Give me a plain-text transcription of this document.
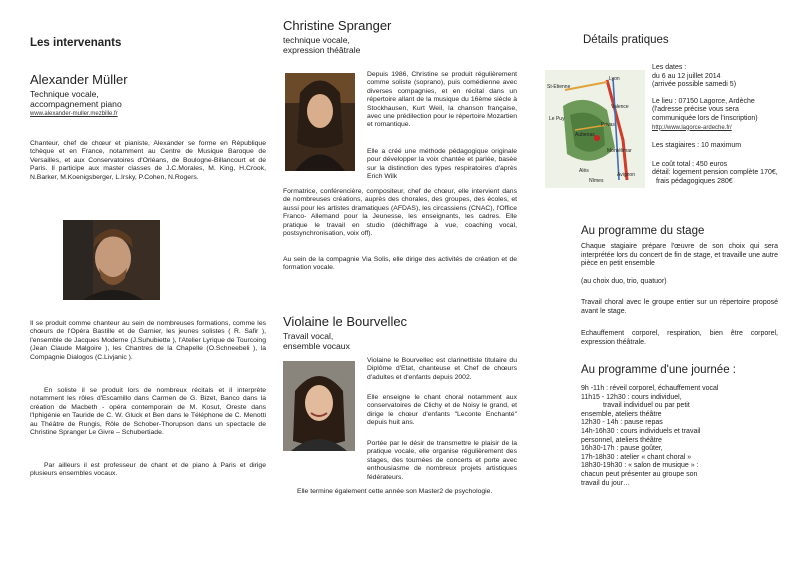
Les intervenants
Alexander Müller
Technique vocale,
accompagnement piano
www.alexander-muller.mezbille.fr
Chanteur, chef de chœur et pianiste, Alexander se forme en République tchèque et en France, notamment au Centre de Musique Baroque de Versailles, et aux Conservatoires d'Orléans, de Boulogne-Billancourt et de Paris. Il participe aux master classes de J.C.Morales, M. King, H.Crook, N.Barker, M.Koenigsberger, L.Irsky, P.Cohen, N.Rogers.
Il se produit comme chanteur au sein de nombreuses formations, comme les chœurs de l'Opéra Bastille et de Garnier, les jeunes solistes ( R. Safir ), l'ensemble de Jacques Moderne (J.Suhubiette ), l'Atelier Lyrique de Tourcoing (Jean Claude Malgoire ), les Chantres de la Chapelle (O.Schneebeli ), la Compagnie Dialogos (C.Livjanic ).
En soliste il se produit lors de nombreux récitals et il interprète notamment les rôles d'Escamillo dans Carmen de G. Bizet, Banco dans la création de Macbeth - opéra contemporain de M. Kosut, Oreste dans l'Iphigénie en Tauride de C. W. Gluck et Ben dans le Téléphone de C. Menotti au Théâtre de Rungis, Rôle de Schober-Thorupson dans un spectacle de Christine Spranger Le Givre – Schubertiade.
Par ailleurs il est professeur de chant et de piano à Paris et dirige plusieurs ensembles vocaux.
Christine Spranger
technique vocale,
expression théâtrale
Depuis 1986, Christine se produit régulièrement comme soliste (soprano), puis comédienne avec diverses compagnies, et en récital dans un répertoire allant de la musique du 16ème siècle à Stockhausen, Kurt Weil, la chanson française, avec une prédilection pour le répertoire Mozartien et romantique.
Elle a créé une méthode pédagogique originale pour développer la voix chantée et parlée, basée sur la distinction des types respiratoires d'après Erich Wilk
Formatrice, conférencière, compositeur, chef de chœur, elle intervient dans de nombreuses créations, auprès des chorales, des groupes, des écoles, et aussi pour les artistes dramatiques (AFDAS), les circassiens (CNAC), l'Office Franco- Allemand pour la Jeunesse, les enseignants, les cadres. Elle pratique le travail en studio (déchiffrage à vue, coaching vocal, postsynchronisation, voix off).
Au sein de la compagnie Via Solis, elle dirige des activités de création et de formation vocale.
Violaine le Bourvellec
Travail vocal,
ensemble vocaux
Violaine le Bourvellec est clarinettiste titulaire du Diplôme d'Etat, chanteuse et Chef de chœurs d'adultes et d'enfants depuis 2002.
Elle enseigne le chant choral notamment aux conservatoires de Clichy et de Noisy le grand, et dirige le chœur d'enfants "Leconte Enchanté" depuis huit ans.
Portée par le désir de transmettre le plaisir de la pratique vocale, elle organise régulièrement des stages, des tournées de concerts et porte avec enthousiasme de nombreux projets artistiques fédérateurs.
Elle termine également cette année son Master2 de psychologie.
Détails pratiques
Lyon
St-Etienne
Le Puy
Aubenas
Privas
Valence
Montélimar
Alès
Nîmes
Avignon
Les dates :
du 6 au 12 juillet 2014
(arrivée possible samedi 5)
Le lieu : 07150 Lagorce, Ardèche
(l'adresse précise vous sera communiquée lors de l'inscription)
http://www.lagorce-ardeche.fr/
Les stagiaires : 10 maximum
Le coût total : 450 euros
détail: logement pension complète 170€,
frais pédagogiques 280€
Au programme du stage
Chaque stagiaire prépare l'œuvre de son choix qui sera interprétée lors du concert de fin de stage, et travaille une autre pièce en petit ensemble
(au choix duo, trio, quatuor)
Travail choral avec le groupe entier sur un répertoire proposé avant le stage.
Echauffement corporel, respiration, bien être corporel, expression théâtrale.
Au programme d'une journée :
9h -11h : réveil corporel, échauffement vocal
11h15 - 12h30 : cours individuel,
travail individuel ou par petit
ensemble, ateliers théâtre
12h30 - 14h : pause repas
14h-16h30 : cours individuels et travail
personnel, ateliers théâtre
16h30-17h : pause goûter,
17h-18h30 : atelier « chant choral »
18h30-19h30 : « salon de musique » :
chacun peut présenter au groupe son
travail du jour…
